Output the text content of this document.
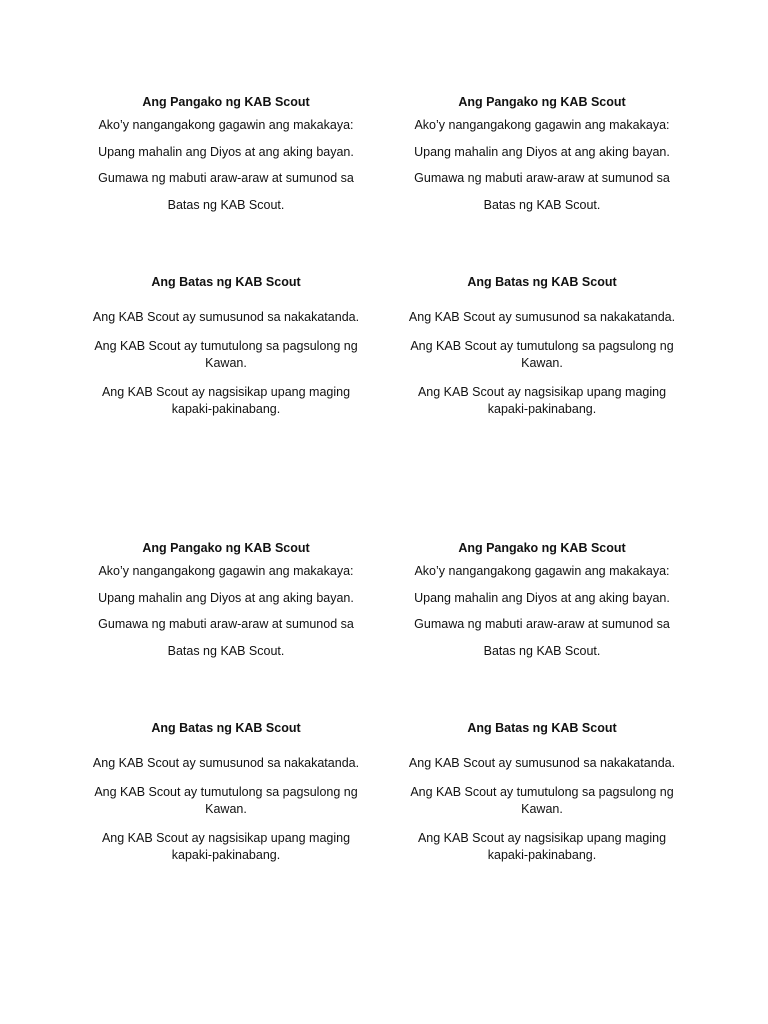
Ang Pangako ng KAB Scout

Ako’y nangangakong gagawin ang makakaya:

Upang mahalin ang Diyos at ang aking bayan.

Gumawa ng mabuti araw-araw at sumunod sa

Batas ng KAB Scout.

Ang Pangako ng KAB Scout

Ako’y nangangakong gagawin ang makakaya:

Upang mahalin ang Diyos at ang aking bayan.

Gumawa ng mabuti araw-araw at sumunod sa

Batas ng KAB Scout.

Ang Batas ng KAB Scout

Ang KAB Scout ay sumusunod sa nakakatanda.

Ang KAB Scout ay tumutulong sa pagsulong ng Kawan.

Ang KAB Scout ay nagsisikap upang maging kapaki-pakinabang.

Ang Batas ng KAB Scout

Ang KAB Scout ay sumusunod sa nakakatanda.

Ang KAB Scout ay tumutulong sa pagsulong ng Kawan.

Ang KAB Scout ay nagsisikap upang maging kapaki-pakinabang.

Ang Pangako ng KAB Scout

Ako’y nangangakong gagawin ang makakaya:

Upang mahalin ang Diyos at ang aking bayan.

Gumawa ng mabuti araw-araw at sumunod sa

Batas ng KAB Scout.

Ang Pangako ng KAB Scout

Ako’y nangangakong gagawin ang makakaya:

Upang mahalin ang Diyos at ang aking bayan.

Gumawa ng mabuti araw-araw at sumunod sa

Batas ng KAB Scout.

Ang Batas ng KAB Scout

Ang KAB Scout ay sumusunod sa nakakatanda.

Ang KAB Scout ay tumutulong sa pagsulong ng Kawan.

Ang KAB Scout ay nagsisikap upang maging kapaki-pakinabang.

Ang Batas ng KAB Scout

Ang KAB Scout ay sumusunod sa nakakatanda.

Ang KAB Scout ay tumutulong sa pagsulong ng Kawan.

Ang KAB Scout ay nagsisikap upang maging kapaki-pakinabang.
